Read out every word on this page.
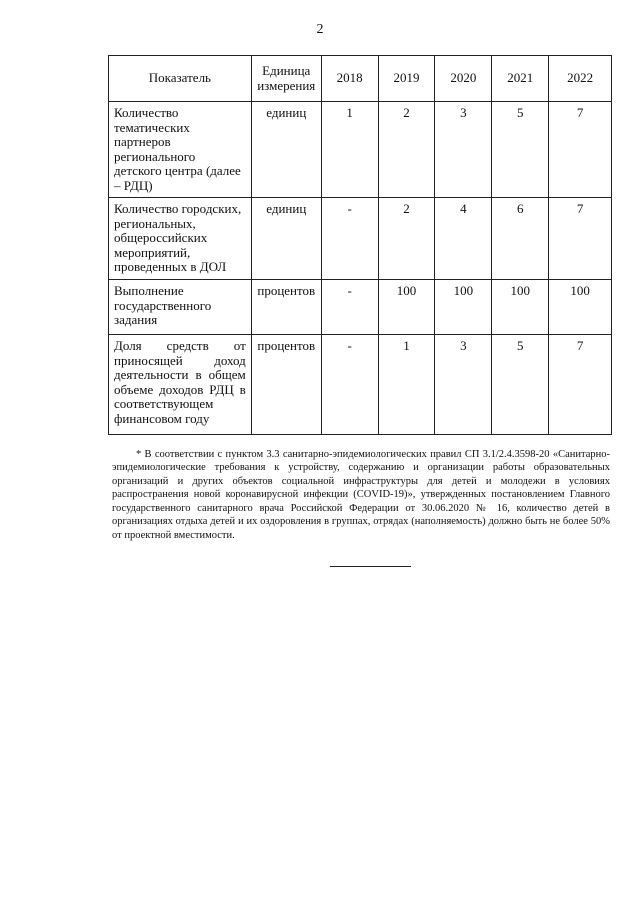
2
Показатель	Единица измерения	2018	2019	2020	2021	2022
Количество тематических партнеров регионального детского центра (далее – РДЦ)	единиц	1	2	3	5	7
Количество городских, региональных, общероссийских мероприятий, проведенных в ДОЛ	единиц	-	2	4	6	7
Выполнение государственного задания	процентов	-	100	100	100	100
Доля средств от приносящей доход деятельности в общем объеме доходов РДЦ в соответствующем финансовом году	процентов	-	1	3	5	7
* В соответствии с пунктом 3.3 санитарно-эпидемиологических правил СП 3.1/2.4.3598-20 «Санитарно-эпидемиологические требования к устройству, содержанию и организации работы образовательных организаций и других объектов социальной инфраструктуры для детей и молодежи в условиях распространения новой коронавирусной инфекции (COVID-19)», утвержденных постановлением Главного государственного санитарного врача Российской Федерации от 30.06.2020 № 16, количество детей в организациях отдыха детей и их оздоровления в группах, отрядах (наполняемость) должно быть не более 50% от проектной вместимости.
